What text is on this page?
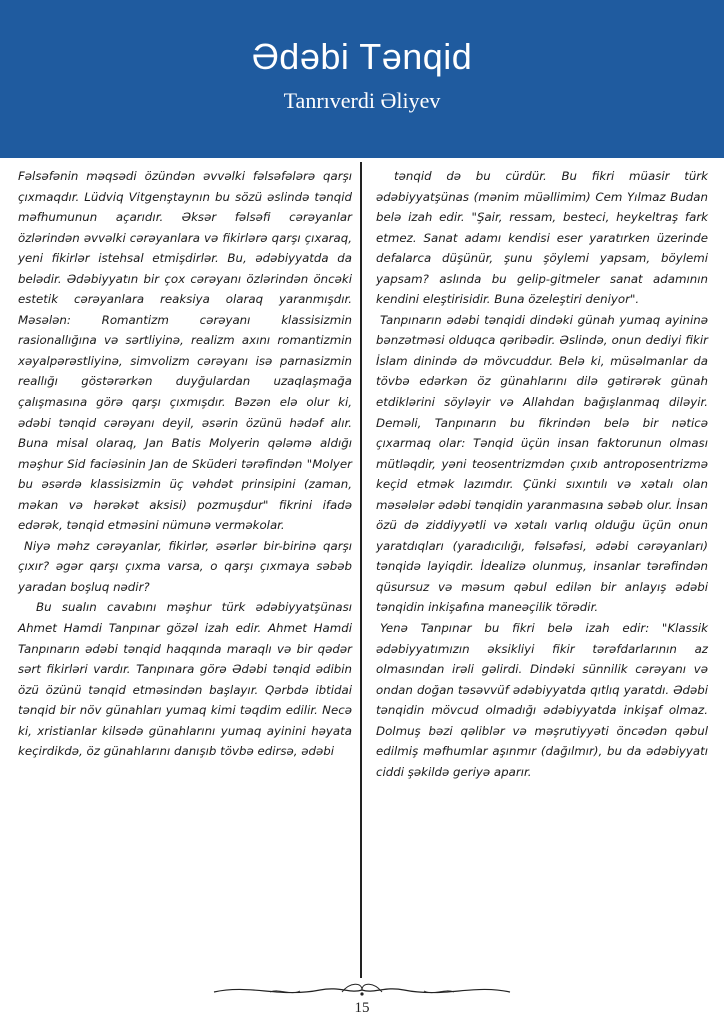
Ədəbi Tənqid
Tanrıverdi Əliyev

Fəlsəfənin məqsədi özündən əvvəlki fəlsəfələrə qarşı çıxmaqdır. Lüdviq Vitgenştaynın bu sözü əslində tənqid məfhumunun açarıdır. Əksər fəlsəfi cərəyanlar özlərindən əvvəlki cərəyanlara və fikirlərə qarşı çıxaraq, yeni fikirlər istehsal etmişdirlər. Bu, ədəbiyyatda da belədir. Ədəbiyyatın bir çox cərəyanı özlərindən öncəki estetik cərəyanlara reaksiya olaraq yaranmışdır. Məsələn: Romantizm cərəyanı klassisizmin rasionallığına və sərtliyinə, realizm axını romantizmin xəyalpərəstliyinə, simvolizm cərəyanı isə parnasizmin reallığı göstərərkən duyğulardan uzaqlaşmağa çalışmasına görə qarşı çıxmışdır. Bəzən elə olur ki, ədəbi tənqid cərəyanı deyil, əsərin özünü hədəf alır. Buna misal olaraq, Jan Batis Molyerin qələmə aldığı məşhur Sid faciəsinin Jan de Sküderi tərəfindən "Molyer bu əsərdə klassisizmin üç vəhdət prinsipini (zaman, məkan və hərəkət aksisi) pozmuşdur" fikrini ifadə edərək, tənqid etməsini nümunə verməkolar.

Niyə məhz cərəyanlar, fikirlər, əsərlər bir-birinə qarşı çıxır? əgər qarşı çıxma varsa, o qarşı çıxmaya səbəb yaradan boşluq nədir?

Bu sualın cavabını məşhur türk ədəbiyyatşünası Ahmet Hamdi Tanpınar gözəl izah edir. Ahmet Hamdi Tanpınarın ədəbi tənqid haqqında maraqlı və bir qədər sərt fikirləri vardır. Tanpınara görə Ədəbi tənqid ədibin özü özünü tənqid etməsindən başlayır. Qərbdə ibtidai tənqid bir növ günahları yumaq kimi təqdim edilir. Necə ki, xristianlar kilsədə günahlarını yumaq ayinini həyata keçirdikdə, öz günahlarını danışıb tövbə edirsə, ədəbi

tənqid də bu cürdür. Bu fikri müasir türk ədəbiyyatşünas (mənim müəllimim) Cem Yılmaz Budan belə izah edir. "Şair, ressam, besteci, heykeltraş fark etmez. Sanat adamı kendisi eser yaratırken üzerinde defalarca düşünür, şunu şöylemi yapsam, böylemi yapsam? aslında bu gelip-gitmeler sanat adamının kendini eleştirisidir. Buna özeleştiri deniyor".

Tanpınarın ədəbi tənqidi dindəki günah yumaq ayininə bənzətməsi olduqca qəribədir. Əslində, onun dediyi fikir İslam dinində də mövcuddur. Belə ki, müsəlmanlar da tövbə edərkən öz günahlarını dilə gətirərək günah etdiklərini söyləyir və Allahdan bağışlanmaq diləyir. Deməli, Tanpınarın bu fikrindən belə bir nəticə çıxarmaq olar: Tənqid üçün insan faktorunun olması mütləqdir, yəni teosentrizmdən çıxıb antroposentrizmə keçid etmək lazımdır. Çünki sıxıntılı və xətalı olan məsələlər ədəbi tənqidin yaranmasına səbəb olur. İnsan özü də ziddiyyətli və xətalı varlıq olduğu üçün onun yaratdıqları (yaradıcılığı, fəlsəfəsi, ədəbi cərəyanları) tənqidə layiqdir. İdealizə olunmuş, insanlar tərəfindən qüsursuz və məsum qəbul edilən bir anlayış ədəbi tənqidin inkişafına maneəçilik törədir.

Yenə Tanpınar bu fikri belə izah edir: "Klassik ədəbiyyatımızın əksikliyi fikir tərəfdarlarının az olmasından irəli gəlirdi. Dindəki sünnilik cərəyanı və ondan doğan təsəvvüf ədəbiyyatda qıtlıq yaratdı. Ədəbi tənqidin mövcud olmadığı ədəbiyyatda inkişaf olmaz. Dolmuş bəzi qəliblər və məşrutiyyəti öncədən qəbul edilmiş məfhumlar aşınmır (dağılmır), bu da ədəbiyyatı ciddi şəkildə geriyə aparır.

15
